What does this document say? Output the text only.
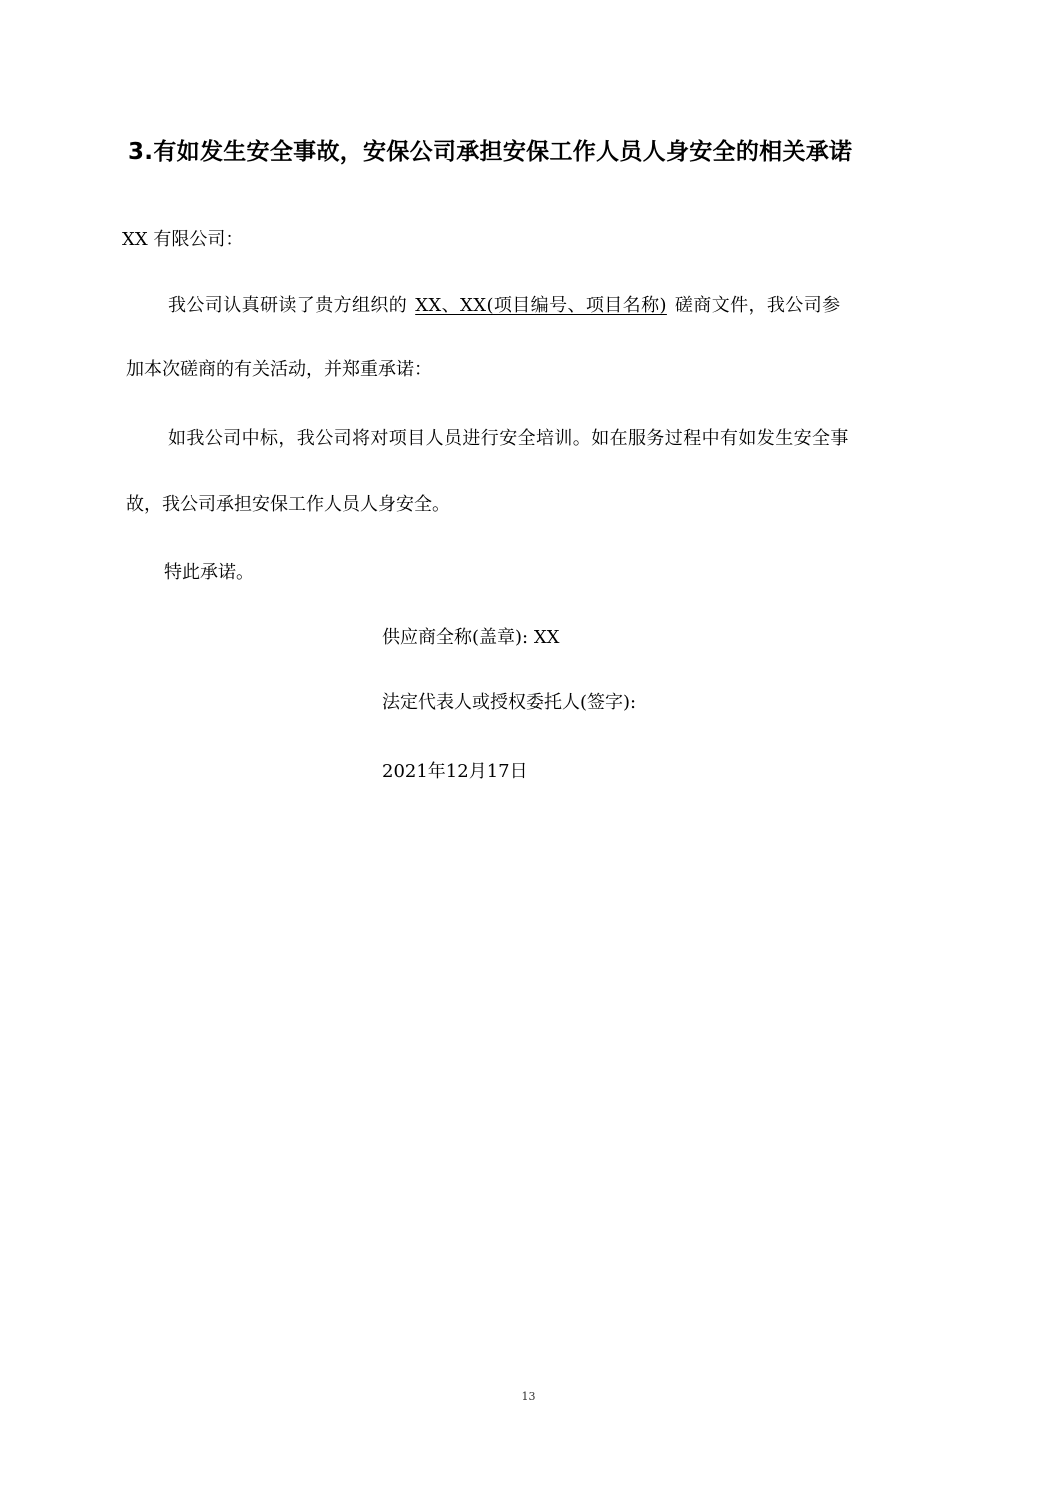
3.有如发生安全事故，安保公司承担安保工作人员人身安全的相关承诺
XX 有限公司：
我公司认真研读了贵方组织的 XX、XX(项目编号、项目名称) 磋商文件，我公司参
加本次磋商的有关活动，并郑重承诺：
如我公司中标，我公司将对项目人员进行安全培训。如在服务过程中有如发生安全事
故，我公司承担安保工作人员人身安全。
特此承诺。
供应商全称(盖章): XX
法定代表人或授权委托人(签字):
2021年12月17日
13
